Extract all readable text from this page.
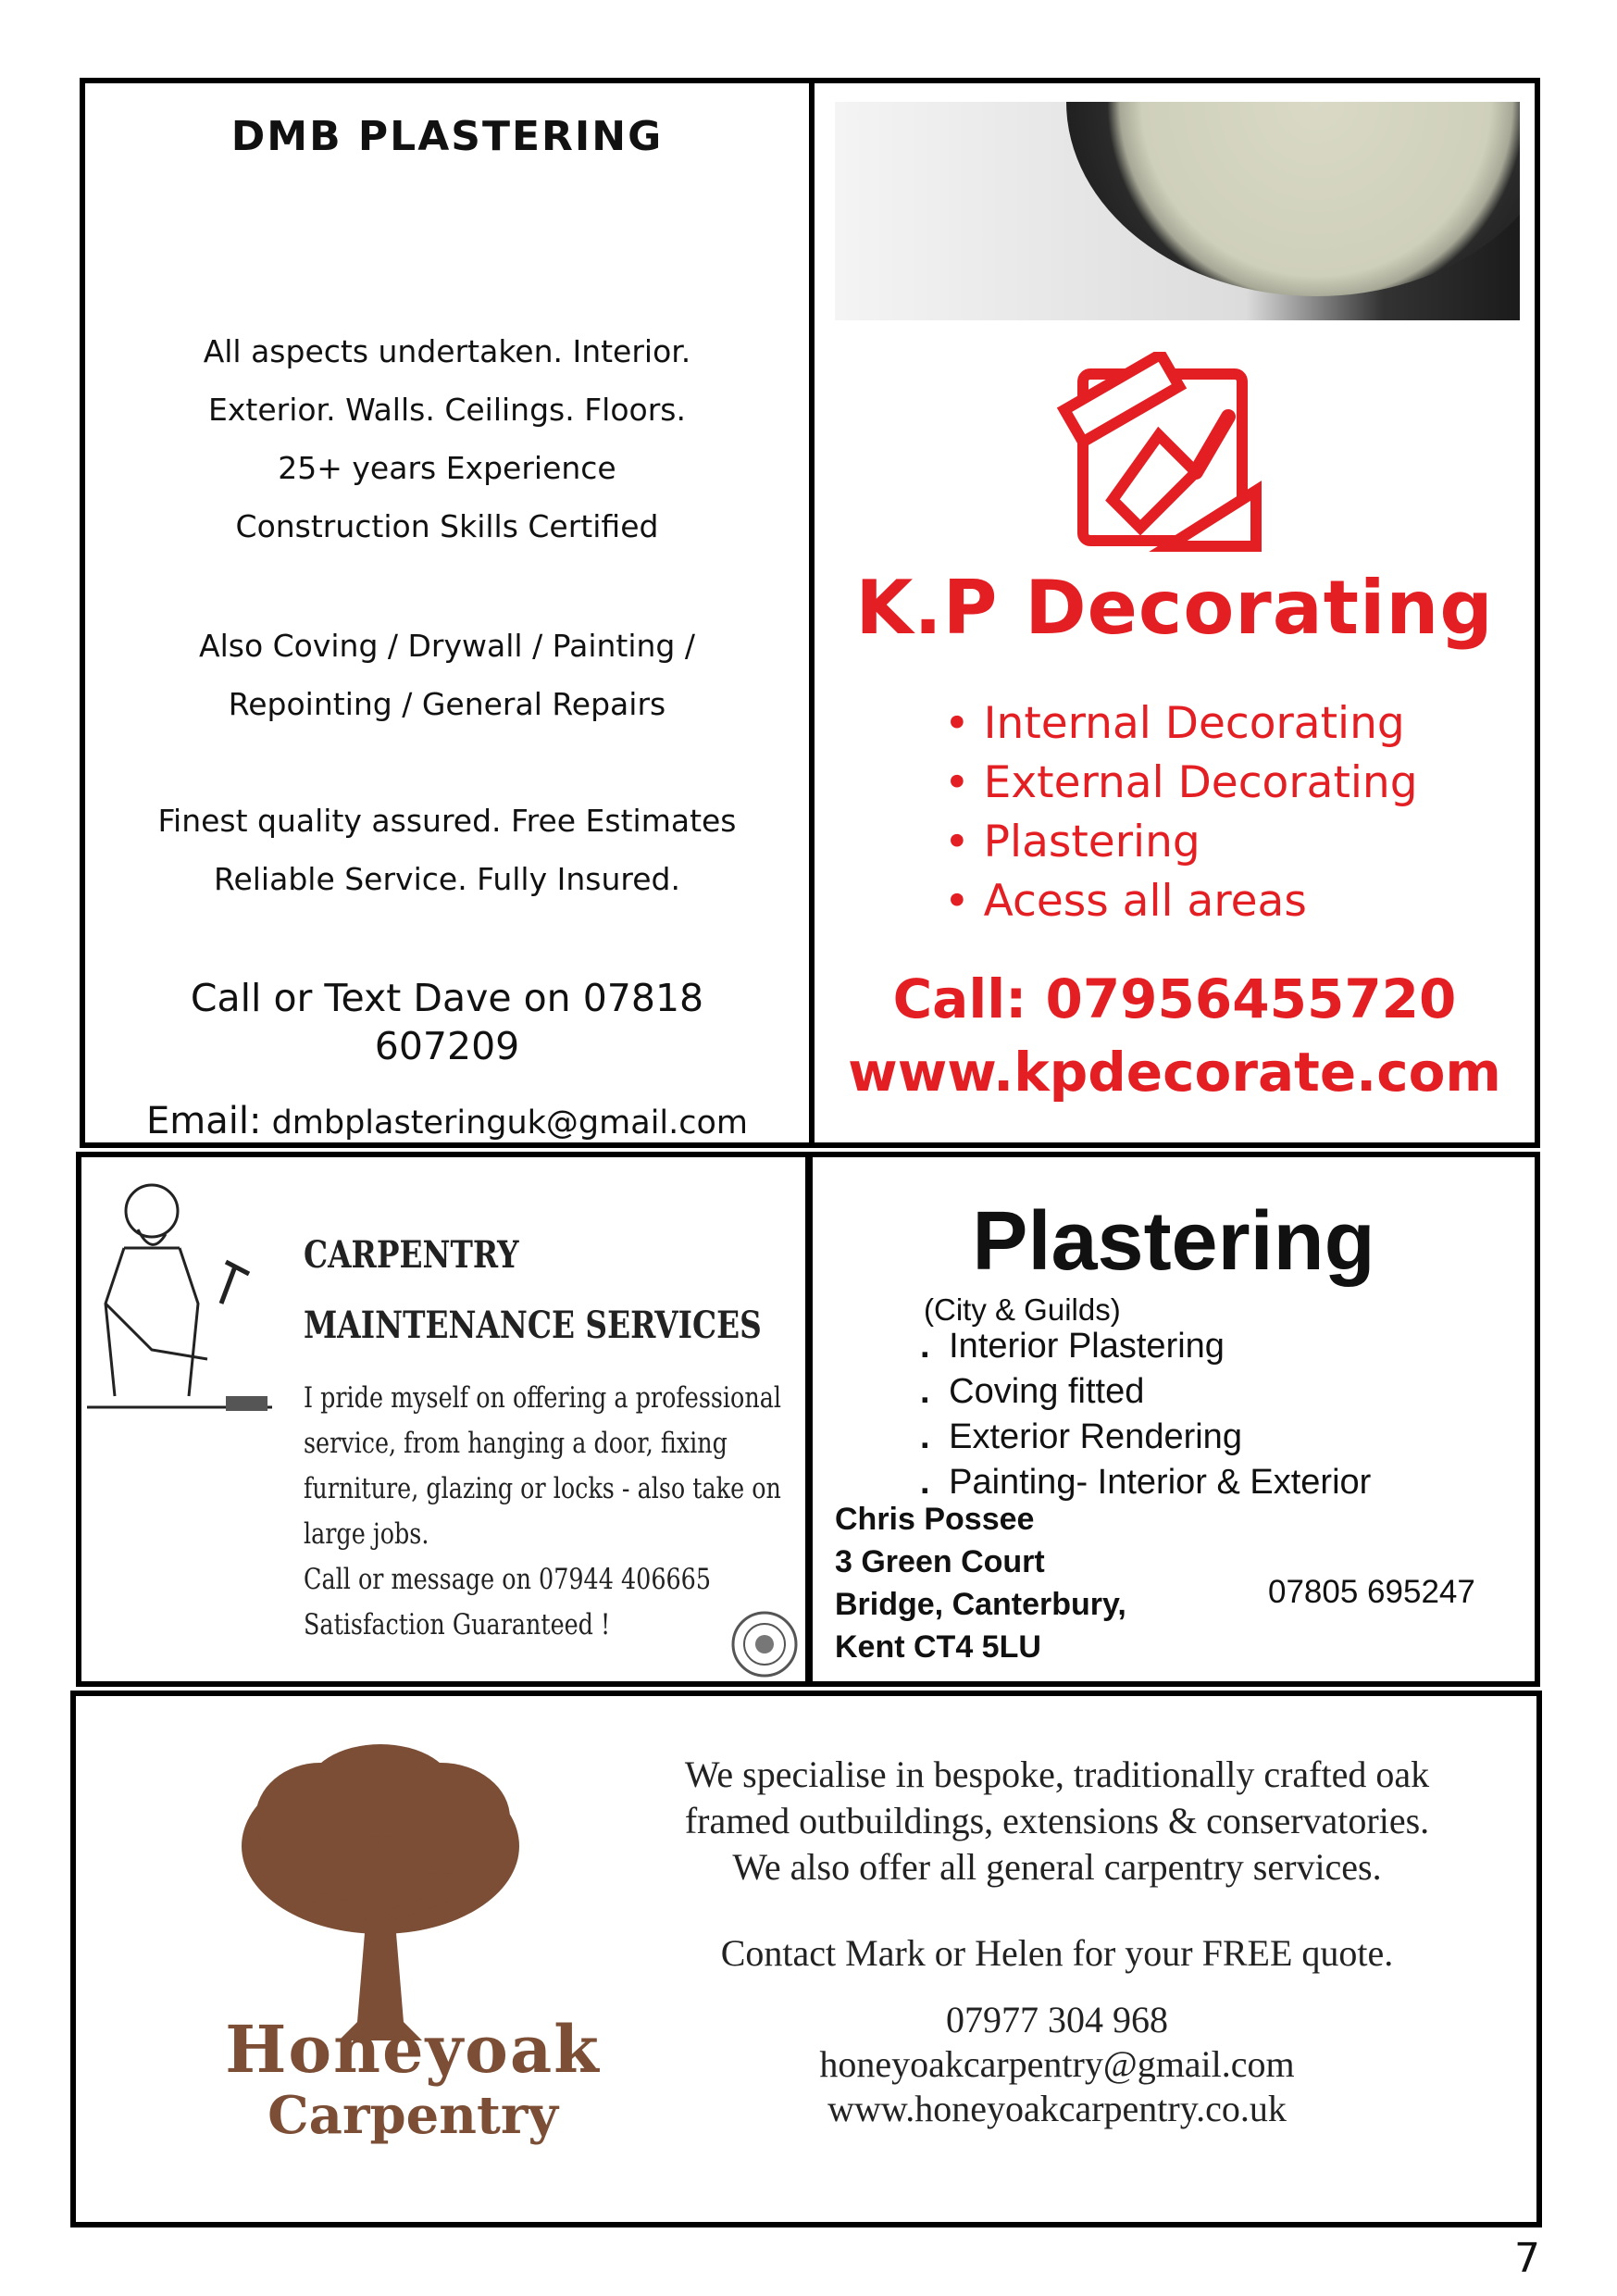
DMB PLASTERING
All aspects undertaken. Interior.
Exterior. Walls. Ceilings. Floors.
25+ years Experience
Construction Skills Certified
Also Coving / Drywall / Painting /
Repointing / General Repairs
Finest quality assured. Free Estimates
Reliable Service. Fully Insured.
Call or Text Dave on 07818 607209
Email: dmbplasteringuk@gmail.com
K.P Decorating
• Internal Decorating
• External Decorating
• Plastering
• Acess all areas
Call: 07956455720
www.kpdecorate.com
CARPENTRY
MAINTENANCE SERVICES
I pride myself on offering a professional
service, from hanging a door, fixing
furniture, glazing or locks - also take on
large jobs.
Call or message on 07944 406665
Satisfaction Guaranteed !
Plastering
(City & Guilds)
. Interior Plastering
. Coving fitted
. Exterior Rendering
. Painting- Interior & Exterior
Chris Possee
3 Green Court
Bridge, Canterbury,
Kent CT4 5LU
07805 695247
Honeyoak
Carpentry
We specialise in bespoke, traditionally crafted oak
framed outbuildings, extensions & conservatories.
We also offer all general carpentry services.
Contact Mark or Helen for your FREE quote.
07977 304 968
honeyoakcarpentry@gmail.com
www.honeyoakcarpentry.co.uk
7
